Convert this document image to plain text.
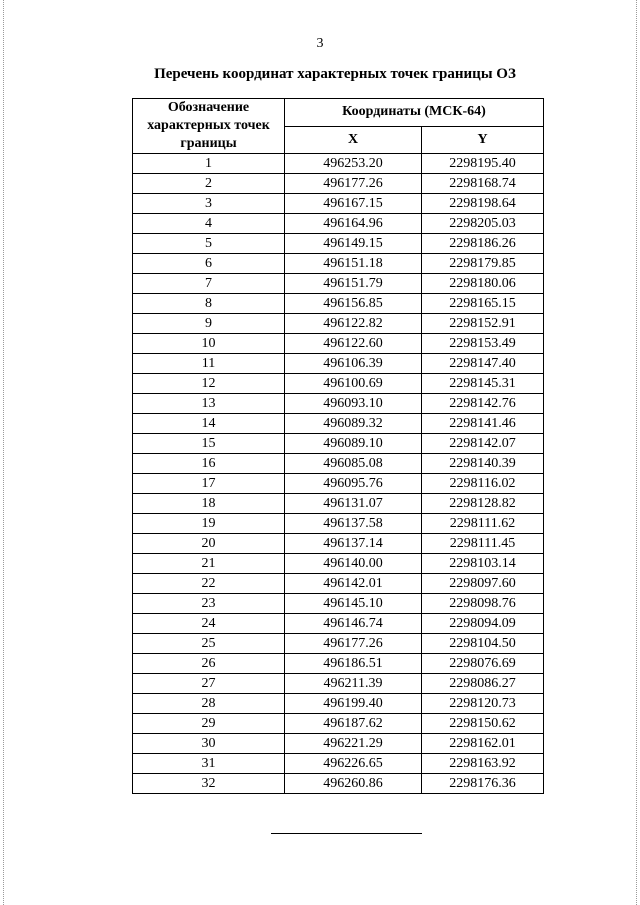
3
Перечень координат характерных точек границы ОЗ
Обозначение характерных точек границы	Координаты (МСК-64)	
	X	Y
1	496253.20	2298195.40
2	496177.26	2298168.74
3	496167.15	2298198.64
4	496164.96	2298205.03
5	496149.15	2298186.26
6	496151.18	2298179.85
7	496151.79	2298180.06
8	496156.85	2298165.15
9	496122.82	2298152.91
10	496122.60	2298153.49
11	496106.39	2298147.40
12	496100.69	2298145.31
13	496093.10	2298142.76
14	496089.32	2298141.46
15	496089.10	2298142.07
16	496085.08	2298140.39
17	496095.76	2298116.02
18	496131.07	2298128.82
19	496137.58	2298111.62
20	496137.14	2298111.45
21	496140.00	2298103.14
22	496142.01	2298097.60
23	496145.10	2298098.76
24	496146.74	2298094.09
25	496177.26	2298104.50
26	496186.51	2298076.69
27	496211.39	2298086.27
28	496199.40	2298120.73
29	496187.62	2298150.62
30	496221.29	2298162.01
31	496226.65	2298163.92
32	496260.86	2298176.36
